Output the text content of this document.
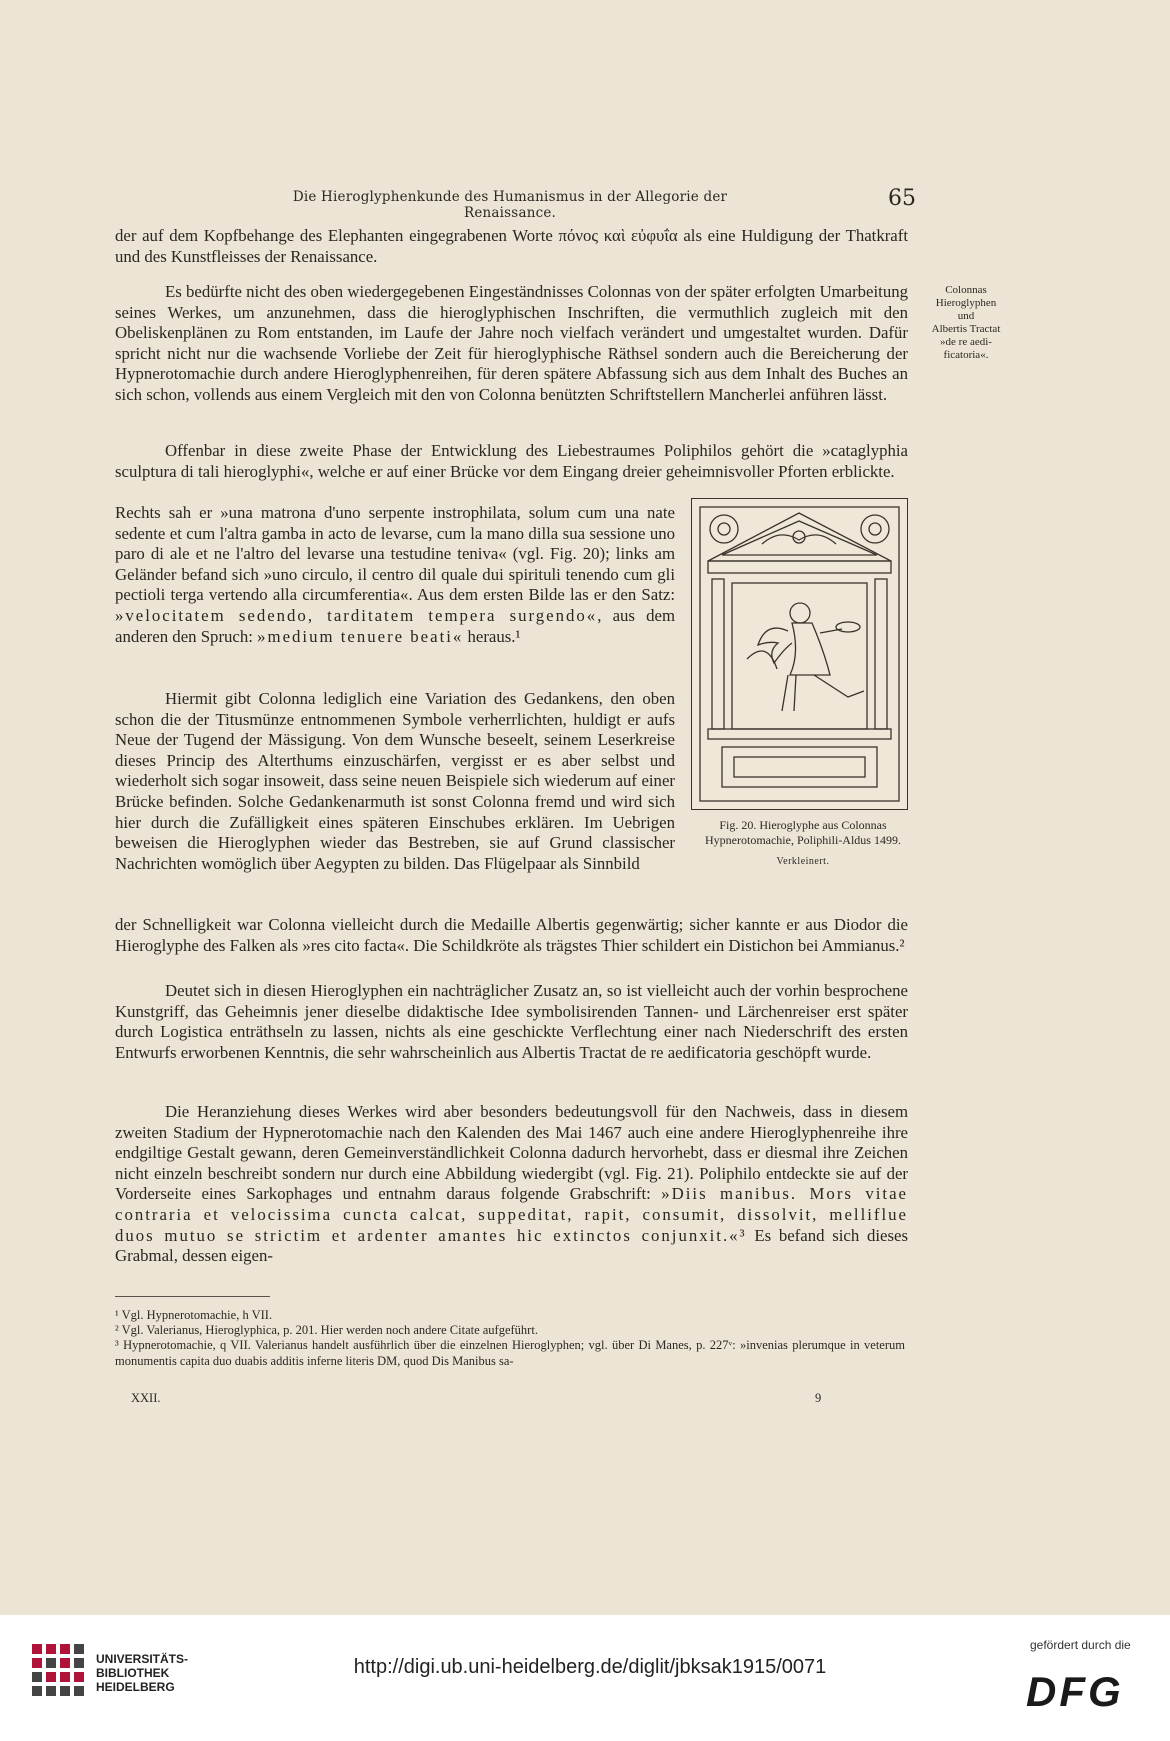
Die Hieroglyphenkunde des Humanismus in der Allegorie der Renaissance.
65

der auf dem Kopfbehange des Elephanten eingegrabenen Worte πόνος καὶ εὐφυΐα als eine Huldigung der Thatkraft und des Kunstfleisses der Renaissance.

Es bedürfte nicht des oben wiedergegebenen Eingeständnisses Colonnas von der später erfolgten Umarbeitung seines Werkes, um anzunehmen, dass die hieroglyphischen Inschriften, die vermuthlich zugleich mit den Obeliskenplänen zu Rom entstanden, im Laufe der Jahre noch vielfach verändert und umgestaltet wurden. Dafür spricht nicht nur die wachsende Vorliebe der Zeit für hieroglyphische Räthsel sondern auch die Bereicherung der Hypnerotomachie durch andere Hieroglyphenreihen, für deren spätere Abfassung sich aus dem Inhalt des Buches an sich schon, vollends aus einem Vergleich mit den von Colonna benützten Schriftstellern Mancherlei anführen lässt.

Colonnas
Hieroglyphen
und
Albertis Tractat
»de re aedi-
ficatoria«.

Offenbar in diese zweite Phase der Entwicklung des Liebestraumes Poliphilos gehört die »cataglyphia sculptura di tali hieroglyphi«, welche er auf einer Brücke vor dem Eingang dreier geheimnisvoller Pforten erblickte.

Rechts sah er »una matrona d'uno serpente instrophilata, solum cum una nate sedente et cum l'altra gamba in acto de levarse, cum la mano dilla sua sessione uno paro di ale et ne l'altro del levarse una testudine teniva« (vgl. Fig. 20); links am Geländer befand sich »uno circulo, il centro dil quale dui spirituli tenendo cum gli pectioli terga vertendo alla circumferentia«. Aus dem ersten Bilde las er den Satz: »velocitatem sedendo, tarditatem tempera surgendo«, aus dem anderen den Spruch: »medium tenuere beati« heraus.¹

Hiermit gibt Colonna lediglich eine Variation des Gedankens, den oben schon die der Titusmünze entnommenen Symbole verherrlichten, huldigt er aufs Neue der Tugend der Mässigung. Von dem Wunsche beseelt, seinem Leserkreise dieses Princip des Alterthums einzuschärfen, vergisst er es aber selbst und wiederholt sich sogar insoweit, dass seine neuen Beispiele sich wiederum auf einer Brücke befinden. Solche Gedankenarmuth ist sonst Colonna fremd und wird sich hier durch die Zufälligkeit eines späteren Einschubes erklären. Im Uebrigen beweisen die Hieroglyphen wieder das Bestreben, sie auf Grund classischer Nachrichten womöglich über Aegypten zu bilden. Das Flügelpaar als Sinnbild

der Schnelligkeit war Colonna vielleicht durch die Medaille Albertis gegenwärtig; sicher kannte er aus Diodor die Hieroglyphe des Falken als »res cito facta«. Die Schildkröte als trägstes Thier schildert ein Distichon bei Ammianus.²

Deutet sich in diesen Hieroglyphen ein nachträglicher Zusatz an, so ist vielleicht auch der vorhin besprochene Kunstgriff, das Geheimnis jener dieselbe didaktische Idee symbolisirenden Tannen- und Lärchenreiser erst später durch Logistica enträthseln zu lassen, nichts als eine geschickte Verflechtung einer nach Niederschrift des ersten Entwurfs erworbenen Kenntnis, die sehr wahrscheinlich aus Albertis Tractat de re aedificatoria geschöpft wurde.

Die Heranziehung dieses Werkes wird aber besonders bedeutungsvoll für den Nachweis, dass in diesem zweiten Stadium der Hypnerotomachie nach den Kalenden des Mai 1467 auch eine andere Hieroglyphenreihe ihre endgiltige Gestalt gewann, deren Gemeinverständlichkeit Colonna dadurch hervorhebt, dass er diesmal ihre Zeichen nicht einzeln beschreibt sondern nur durch eine Abbildung wiedergibt (vgl. Fig. 21). Poliphilo entdeckte sie auf der Vorderseite eines Sarkophages und entnahm daraus folgende Grabschrift: »Diis manibus. Mors vitae contraria et velocissima cuncta calcat, suppeditat, rapit, consumit, dissolvit, melliflue duos mutuo se strictim et ardenter amantes hic extinctos conjunxit.«³ Es befand sich dieses Grabmal, dessen eigen-

Fig. 20. Hieroglyphe aus Colonnas Hypnerotomachie, Poliphili-Aldus 1499.
Verkleinert.

¹ Vgl. Hypnerotomachie, h VII.

² Vgl. Valerianus, Hieroglyphica, p. 201. Hier werden noch andere Citate aufgeführt.

³ Hypnerotomachie, q VII. Valerianus handelt ausführlich über die einzelnen Hieroglyphen; vgl. über Di Manes, p. 227ᵛ: »invenias plerumque in veterum monumentis capita duo duabis additis inferne literis DM, quod Dis Manibus sa-

XXII.	9
UNIVERSITÄTS-
BIBLIOTHEK
HEIDELBERG
http://digi.ub.uni-heidelberg.de/diglit/jbksak1915/0071
gefördert durch die
DFG
